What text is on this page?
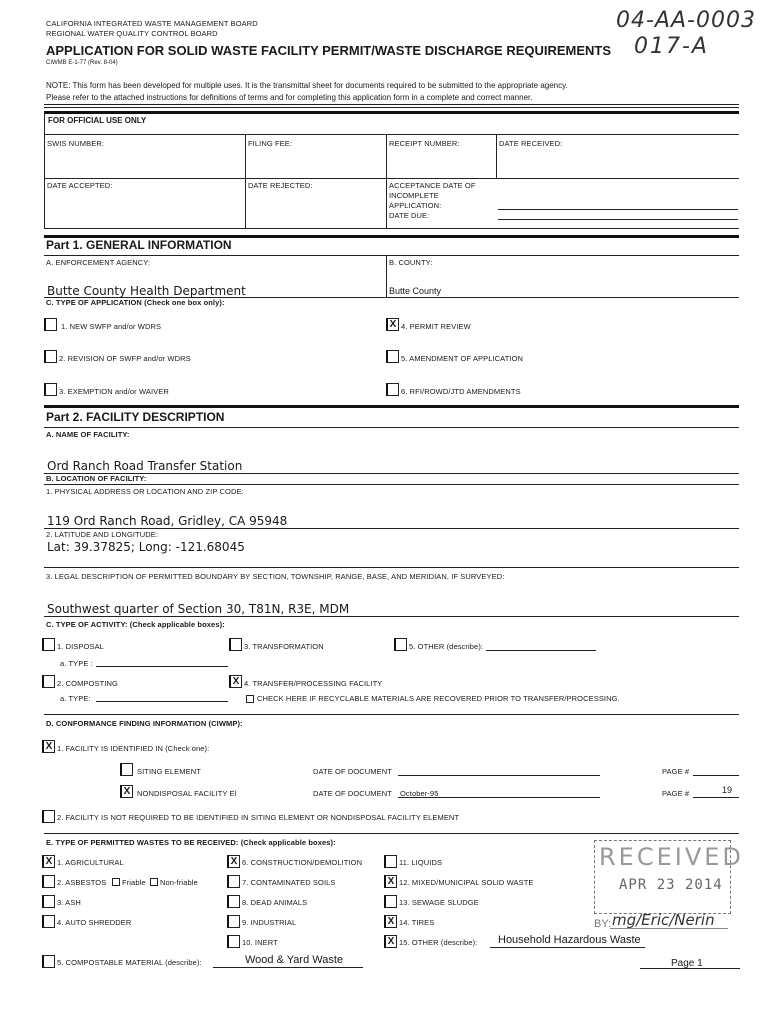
CALIFORNIA INTEGRATED WASTE MANAGEMENT BOARD
REGIONAL WATER QUALITY CONTROL BOARD
APPLICATION FOR SOLID WASTE FACILITY PERMIT/WASTE DISCHARGE REQUIREMENTS
CIWMB E-1-77 (Rev. 8-04)
04-AA-0003
017-A
NOTE: This form has been developed for multiple uses. It is the transmittal sheet for documents required to be submitted to the appropriate agency.
Please refer to the attached instructions for definitions of terms and for completing this application form in a complete and correct manner.
FOR OFFICIAL USE ONLY
SWIS NUMBER:	FILING FEE:	RECEIPT NUMBER:	DATE RECEIVED:
DATE ACCEPTED:	DATE REJECTED:	ACCEPTANCE DATE OF
INCOMPLETE
APPLICATION:
DATE DUE:
Part 1. GENERAL INFORMATION
A. ENFORCEMENT AGENCY:	B. COUNTY:
Butte County Health Department	Butte County
C. TYPE OF APPLICATION (Check one box only):
1. NEW SWFP and/or WDRS	X 4. PERMIT REVIEW
2. REVISION OF SWFP and/or WDRS	5. AMENDMENT OF APPLICATION
3. EXEMPTION and/or WAIVER	6. RFI/ROWD/JTD AMENDMENTS
Part 2. FACILITY DESCRIPTION
A. NAME OF FACILITY:
Ord Ranch Road Transfer Station
B. LOCATION OF FACILITY:
1. PHYSICAL ADDRESS OR LOCATION AND ZIP CODE:
119 Ord Ranch Road, Gridley, CA 95948
2. LATITUDE AND LONGITUDE:
Lat: 39.37825; Long: -121.68045
3. LEGAL DESCRIPTION OF PERMITTED BOUNDARY BY SECTION, TOWNSHIP, RANGE, BASE, AND MERIDIAN, IF SURVEYED:
Southwest quarter of Section 30, T81N, R3E, MDM
C. TYPE OF ACTIVITY: (Check applicable boxes):
1. DISPOSAL	3. TRANSFORMATION	5. OTHER (describe):
a. TYPE :
2. COMPOSTING	X 4. TRANSFER/PROCESSING FACILITY
a. TYPE:	CHECK HERE IF RECYCLABLE MATERIALS ARE RECOVERED PRIOR TO TRANSFER/PROCESSING.
D. CONFORMANCE FINDING INFORMATION (CIWMP):
X 1. FACILITY IS IDENTIFIED IN (Check one):
SITING ELEMENT	DATE OF DOCUMENT	PAGE #
X NONDISPOSAL FACILITY El	DATE OF DOCUMENT October-95	PAGE #	19
2. FACILITY IS NOT REQUIRED TO BE IDENTIFIED IN SITING ELEMENT OR NONDISPOSAL FACILITY ELEMENT
E. TYPE OF PERMITTED WASTES TO BE RECEIVED: (Check applicable boxes):
X 1. AGRICULTURAL
2. ASBESTOS Friable Non-friable
3. ASH
4. AUTO SHREDDER
5. COMPOSTABLE MATERIAL (describe):	Wood & Yard Waste
X 6. CONSTRUCTION/DEMOLITION
7. CONTAMINATED SOILS
8. DEAD ANIMALS
9. INDUSTRIAL
10. INERT
11. LIQUIDS
X 12. MIXED/MUNICIPAL SOLID WASTE
13. SEWAGE SLUDGE
X 14. TIRES
X 15. OTHER (describe): Household Hazardous Waste
RECEIVED
APR 23 2014
BY: mg/Eric/Nerin
Page 1
